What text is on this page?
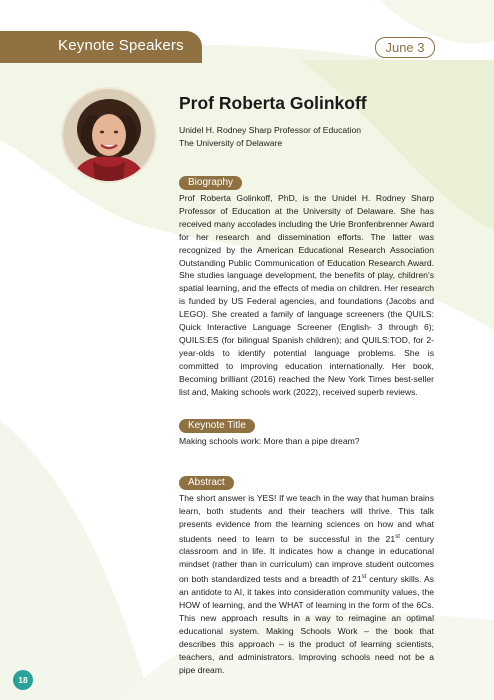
Keynote Speakers	June 3
Prof Roberta Golinkoff
Unidel H. Rodney Sharp Professor of Education
The University of Delaware
Biography

Prof Roberta Golinkoff, PhD, is the Unidel H. Rodney Sharp Professor of Education at the University of Delaware. She has received many accolades including the Urie Bronfenbrenner Award for her research and dissemination efforts. The latter was recognized by the American Educational Research Association Outstanding Public Communication of Education Research Award. She studies language development, the benefits of play, children’s spatial learning, and the effects of media on children. Her research is funded by US Federal agencies, and foundations (Jacobs and LEGO). She created a family of language screeners (the QUILS: Quick Interactive Language Screener (English- 3 through 6); QUILS:ES (for bilingual Spanish children); and QUILS:TOD, for 2-year-olds to identify potential language problems. She is committed to improving education internationally. Her book, Becoming brilliant (2016) reached the New York Times best-seller list and, Making schools work (2022), received superb reviews.

Keynote Title

Making schools work: More than a pipe dream?

Abstract

The short answer is YES! If we teach in the way that human brains learn, both students and their teachers will thrive. This talk presents evidence from the learning sciences on how and what students need to learn to be successful in the 21st century classroom and in life. It indicates how a change in educational mindset (rather than in curriculum) can improve student outcomes on both standardized tests and a breadth of 21st century skills. As an antidote to AI, it takes into consideration community values, the HOW of learning, and the WHAT of learning in the form of the 6Cs. This new approach results in a way to reimagine an optimal educational system. Making Schools Work – the book that describes this approach – is the product of learning scientists, teachers, and administrators. Improving schools need not be a pipe dream.

18
